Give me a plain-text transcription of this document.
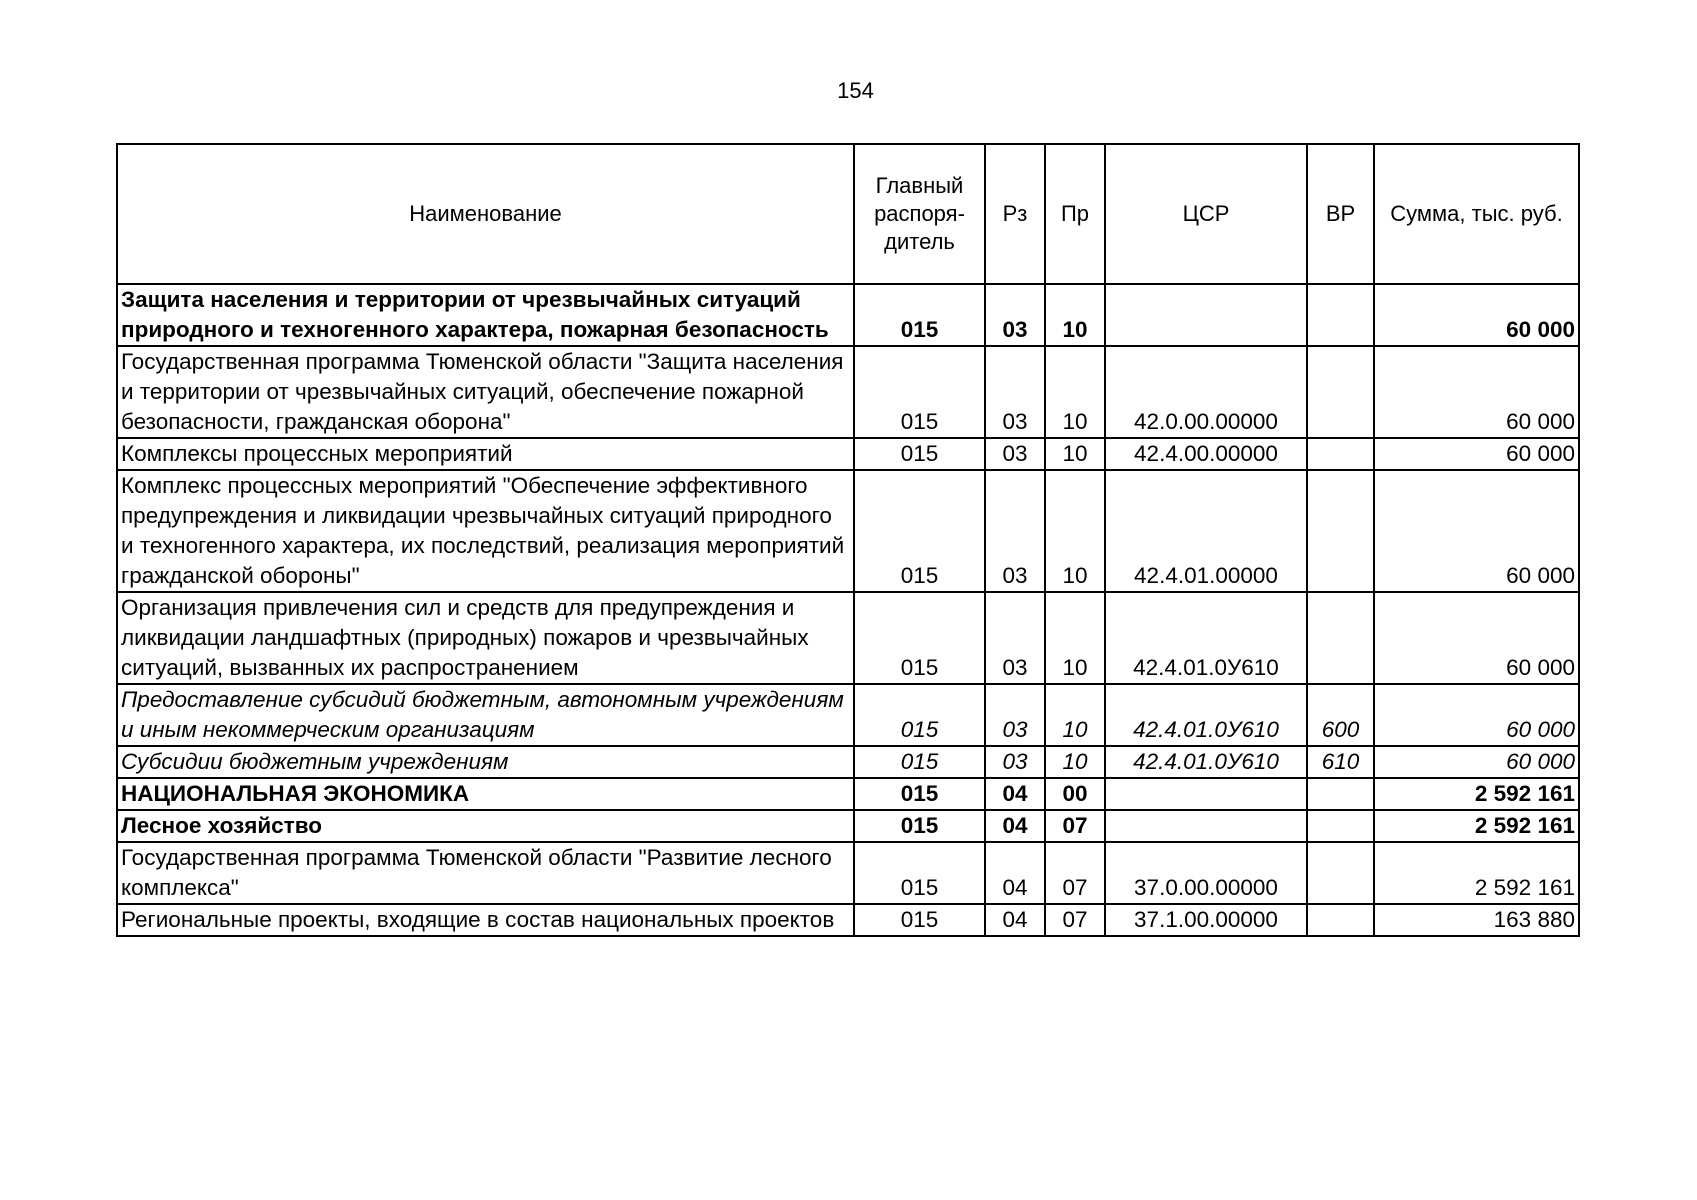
154
Наименование	Главный распоря-дитель	Рз	Пр	ЦСР	ВР	Сумма, тыс. руб.
Защита населения и территории от чрезвычайных ситуаций природного и техногенного характера, пожарная безопасность	015	03	10			60 000
Государственная программа Тюменской области "Защита населения и территории от чрезвычайных ситуаций, обеспечение пожарной безопасности, гражданская оборона"	015	03	10	42.0.00.00000		60 000
Комплексы процессных мероприятий	015	03	10	42.4.00.00000		60 000
Комплекс процессных мероприятий "Обеспечение эффективного предупреждения и ликвидации чрезвычайных ситуаций природного и техногенного характера, их последствий, реализация мероприятий гражданской обороны"	015	03	10	42.4.01.00000		60 000
Организация привлечения сил и средств для предупреждения и ликвидации ландшафтных (природных) пожаров и чрезвычайных ситуаций, вызванных их распространением	015	03	10	42.4.01.0У610		60 000
Предоставление субсидий бюджетным, автономным учреждениям и иным некоммерческим организациям	015	03	10	42.4.01.0У610	600	60 000
Субсидии бюджетным учреждениям	015	03	10	42.4.01.0У610	610	60 000
НАЦИОНАЛЬНАЯ ЭКОНОМИКА	015	04	00			2 592 161
Лесное хозяйство	015	04	07			2 592 161
Государственная программа Тюменской области "Развитие лесного комплекса"	015	04	07	37.0.00.00000		2 592 161
Региональные проекты, входящие в состав национальных проектов	015	04	07	37.1.00.00000		163 880
